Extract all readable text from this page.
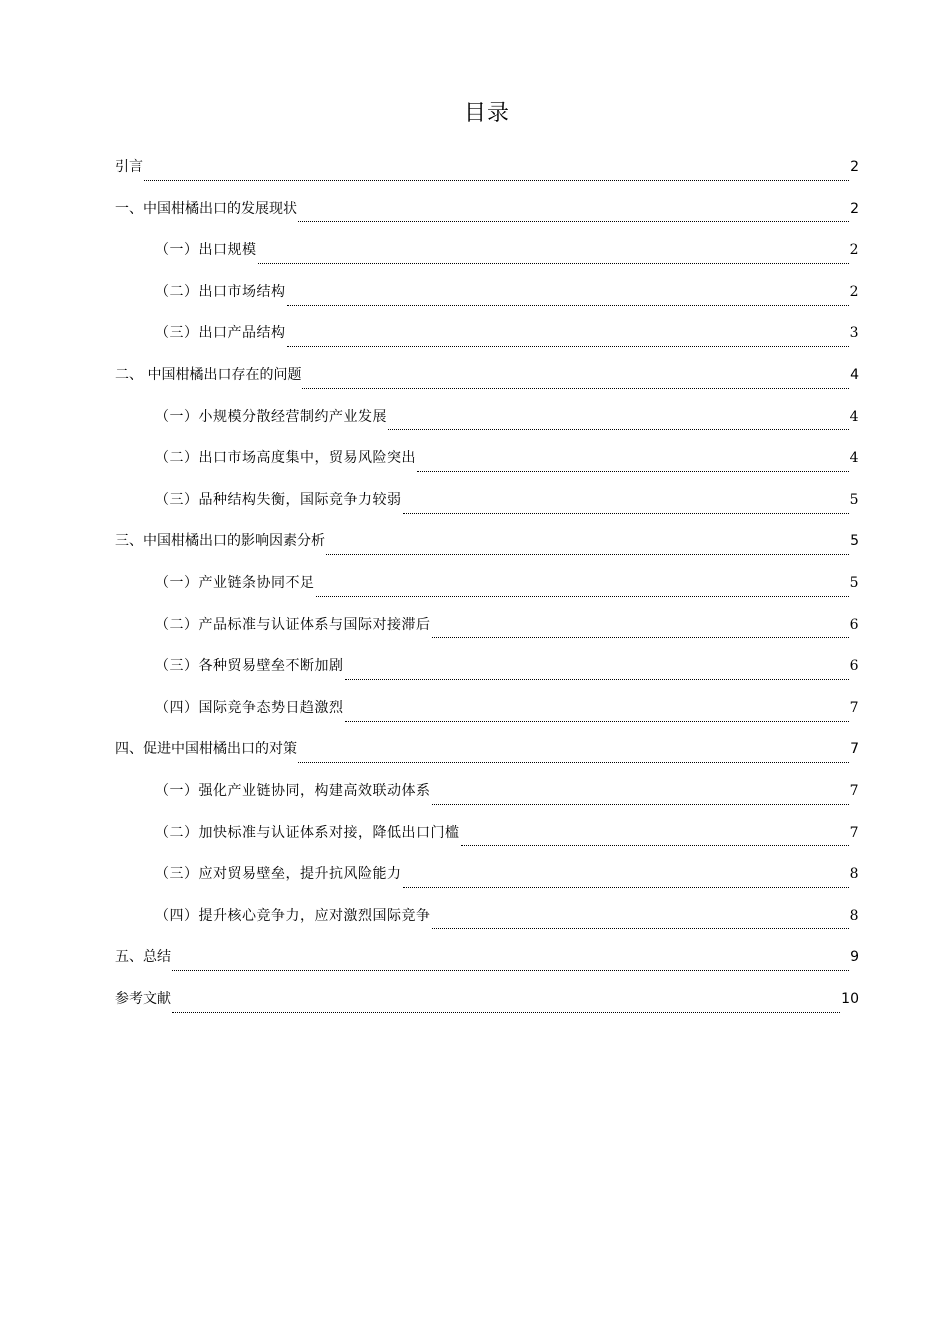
目录
引言	2
一、中国柑橘出口的发展现状	2
（一）出口规模	2
（二）出口市场结构	2
（三）出口产品结构	3
二、 中国柑橘出口存在的问题	4
（一）小规模分散经营制约产业发展	4
（二）出口市场高度集中，贸易风险突出	4
（三）品种结构失衡，国际竞争力较弱	5
三、中国柑橘出口的影响因素分析	5
（一）产业链条协同不足	5
（二）产品标准与认证体系与国际对接滞后	6
（三）各种贸易壁垒不断加剧	6
（四）国际竞争态势日趋激烈	7
四、促进中国柑橘出口的对策	7
（一）强化产业链协同，构建高效联动体系	7
（二）加快标准与认证体系对接，降低出口门槛	7
（三）应对贸易壁垒，提升抗风险能力	8
（四）提升核心竞争力，应对激烈国际竞争	8
五、总结	9
参考文献	10
